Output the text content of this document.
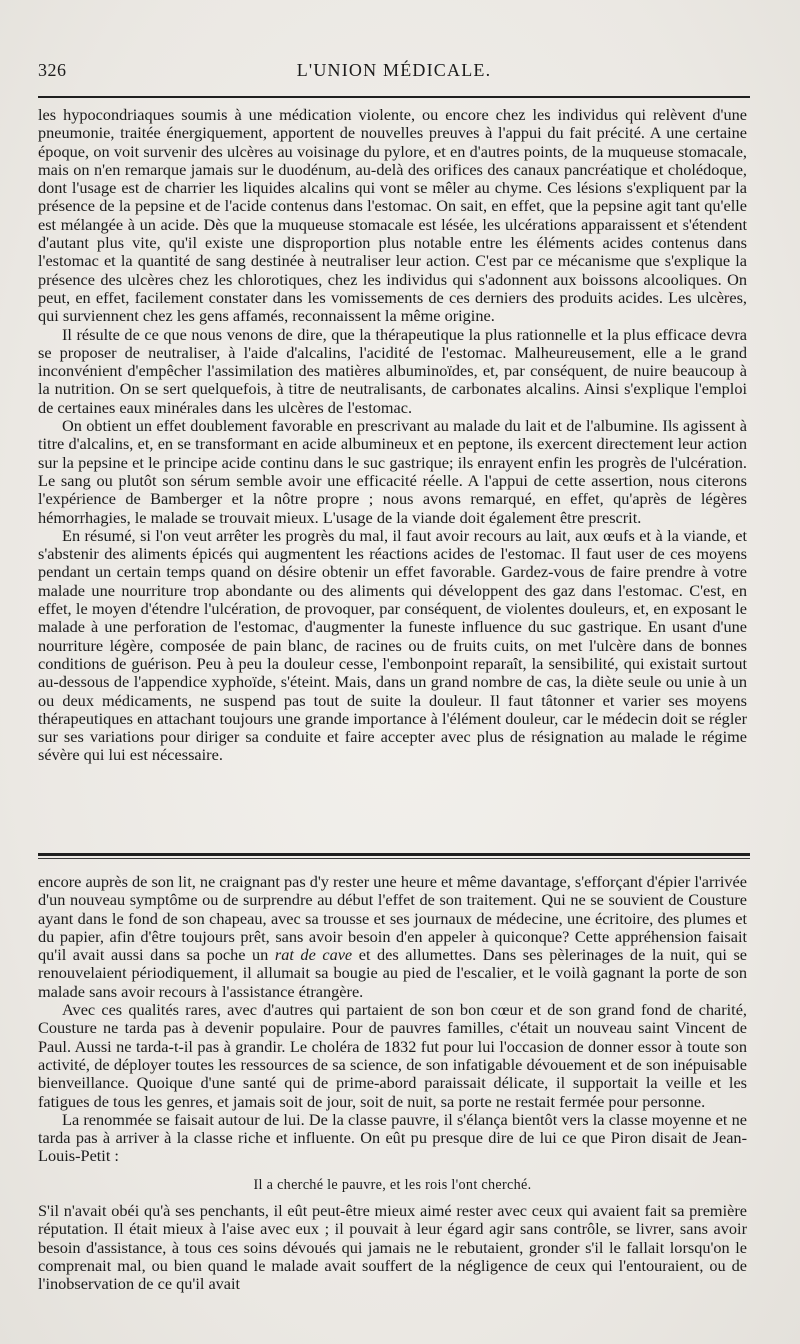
326	L'UNION MÉDICALE.

les hypocondriaques soumis à une médication violente, ou encore chez les individus qui relèvent d'une pneumonie, traitée énergiquement, apportent de nouvelles preuves à l'appui du fait précité. A une certaine époque, on voit survenir des ulcères au voisinage du pylore, et en d'autres points, de la muqueuse stomacale, mais on n'en remarque jamais sur le duodénum, au-delà des orifices des canaux pancréatique et cholédoque, dont l'usage est de charrier les liquides alcalins qui vont se mêler au chyme. Ces lésions s'expliquent par la présence de la pepsine et de l'acide contenus dans l'estomac. On sait, en effet, que la pepsine agit tant qu'elle est mélangée à un acide. Dès que la muqueuse stomacale est lésée, les ulcérations apparaissent et s'étendent d'autant plus vite, qu'il existe une disproportion plus notable entre les éléments acides contenus dans l'estomac et la quantité de sang destinée à neutraliser leur action. C'est par ce mécanisme que s'explique la présence des ulcères chez les chlorotiques, chez les individus qui s'adonnent aux boissons alcooliques. On peut, en effet, facilement constater dans les vomissements de ces derniers des produits acides. Les ulcères, qui surviennent chez les gens affamés, reconnaissent la même origine.

Il résulte de ce que nous venons de dire, que la thérapeutique la plus rationnelle et la plus efficace devra se proposer de neutraliser, à l'aide d'alcalins, l'acidité de l'estomac. Malheureusement, elle a le grand inconvénient d'empêcher l'assimilation des matières albuminoïdes, et, par conséquent, de nuire beaucoup à la nutrition. On se sert quelquefois, à titre de neutralisants, de carbonates alcalins. Ainsi s'explique l'emploi de certaines eaux minérales dans les ulcères de l'estomac.

On obtient un effet doublement favorable en prescrivant au malade du lait et de l'albumine. Ils agissent à titre d'alcalins, et, en se transformant en acide albumineux et en peptone, ils exercent directement leur action sur la pepsine et le principe acide continu dans le suc gastrique; ils enrayent enfin les progrès de l'ulcération. Le sang ou plutôt son sérum semble avoir une efficacité réelle. A l'appui de cette assertion, nous citerons l'expérience de Bamberger et la nôtre propre ; nous avons remarqué, en effet, qu'après de légères hémorrhagies, le malade se trouvait mieux. L'usage de la viande doit également être prescrit.

En résumé, si l'on veut arrêter les progrès du mal, il faut avoir recours au lait, aux œufs et à la viande, et s'abstenir des aliments épicés qui augmentent les réactions acides de l'estomac. Il faut user de ces moyens pendant un certain temps quand on désire obtenir un effet favorable. Gardez-vous de faire prendre à votre malade une nourriture trop abondante ou des aliments qui développent des gaz dans l'estomac. C'est, en effet, le moyen d'étendre l'ulcération, de provoquer, par conséquent, de violentes douleurs, et, en exposant le malade à une perforation de l'estomac, d'augmenter la funeste influence du suc gastrique. En usant d'une nourriture légère, composée de pain blanc, de racines ou de fruits cuits, on met l'ulcère dans de bonnes conditions de guérison. Peu à peu la douleur cesse, l'embonpoint reparaît, la sensibilité, qui existait surtout au-dessous de l'appendice xyphoïde, s'éteint. Mais, dans un grand nombre de cas, la diète seule ou unie à un ou deux médicaments, ne suspend pas tout de suite la douleur. Il faut tâtonner et varier ses moyens thérapeutiques en attachant toujours une grande importance à l'élément douleur, car le médecin doit se régler sur ses variations pour diriger sa conduite et faire accepter avec plus de résignation au malade le régime sévère qui lui est nécessaire.

encore auprès de son lit, ne craignant pas d'y rester une heure et même davantage, s'efforçant d'épier l'arrivée d'un nouveau symptôme ou de surprendre au début l'effet de son traitement. Qui ne se souvient de Cousture ayant dans le fond de son chapeau, avec sa trousse et ses journaux de médecine, une écritoire, des plumes et du papier, afin d'être toujours prêt, sans avoir besoin d'en appeler à quiconque? Cette appréhension faisait qu'il avait aussi dans sa poche un rat de cave et des allumettes. Dans ses pèlerinages de la nuit, qui se renouvelaient périodiquement, il allumait sa bougie au pied de l'escalier, et le voilà gagnant la porte de son malade sans avoir recours à l'assistance étrangère.

Avec ces qualités rares, avec d'autres qui partaient de son bon cœur et de son grand fond de charité, Cousture ne tarda pas à devenir populaire. Pour de pauvres familles, c'était un nouveau saint Vincent de Paul. Aussi ne tarda-t-il pas à grandir. Le choléra de 1832 fut pour lui l'occasion de donner essor à toute son activité, de déployer toutes les ressources de sa science, de son infatigable dévouement et de son inépuisable bienveillance. Quoique d'une santé qui de prime-abord paraissait délicate, il supportait la veille et les fatigues de tous les genres, et jamais soit de jour, soit de nuit, sa porte ne restait fermée pour personne.

La renommée se faisait autour de lui. De la classe pauvre, il s'élança bientôt vers la classe moyenne et ne tarda pas à arriver à la classe riche et influente. On eût pu presque dire de lui ce que Piron disait de Jean-Louis-Petit :

Il a cherché le pauvre, et les rois l'ont cherché.

S'il n'avait obéi qu'à ses penchants, il eût peut-être mieux aimé rester avec ceux qui avaient fait sa première réputation. Il était mieux à l'aise avec eux ; il pouvait à leur égard agir sans contrôle, se livrer, sans avoir besoin d'assistance, à tous ces soins dévoués qui jamais ne le rebutaient, gronder s'il le fallait lorsqu'on le comprenait mal, ou bien quand le malade avait souffert de la négligence de ceux qui l'entouraient, ou de l'inobservation de ce qu'il avait
